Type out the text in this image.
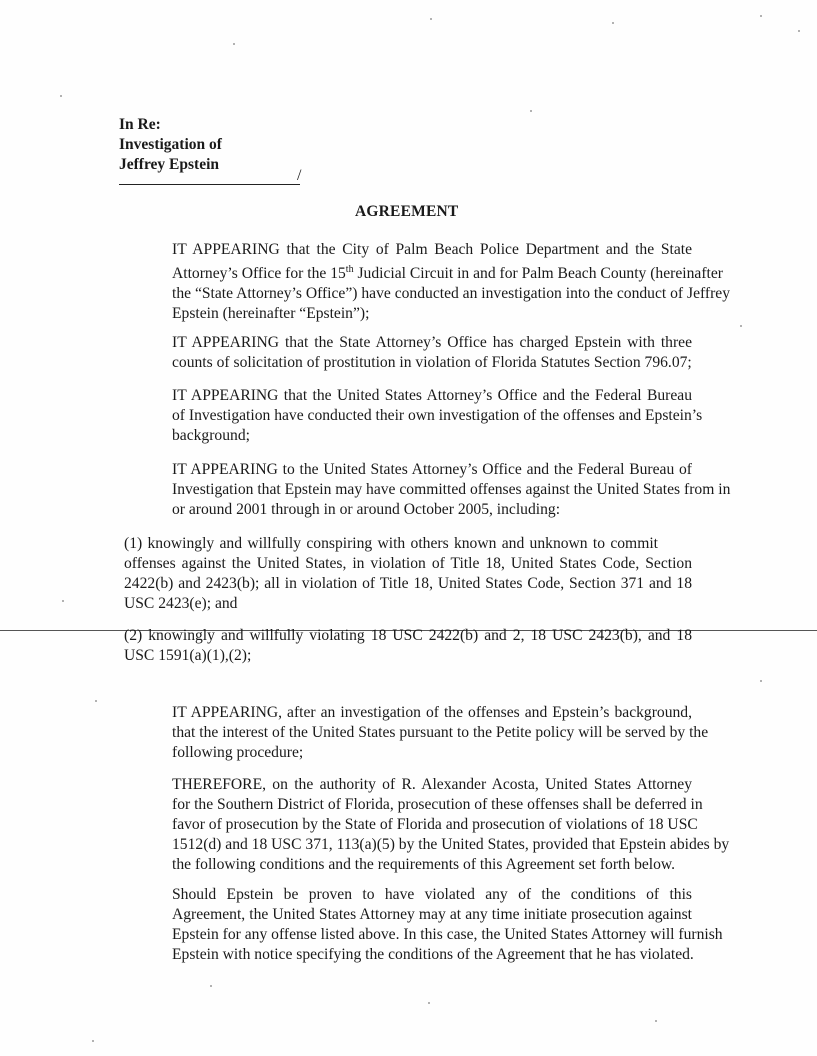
In Re:
Investigation of
Jeffrey Epstein
/
AGREEMENT
IT APPEARING that the City of Palm Beach Police Department and the State
Attorney’s Office for the 15th Judicial Circuit in and for Palm Beach County (hereinafter
the “State Attorney’s Office”) have conducted an investigation into the conduct of Jeffrey
Epstein (hereinafter “Epstein”);
IT APPEARING that the State Attorney’s Office has charged Epstein with three
counts of solicitation of prostitution in violation of Florida Statutes Section 796.07;
IT APPEARING that the United States Attorney’s Office and the Federal Bureau
of Investigation have conducted their own investigation of the offenses and Epstein’s
background;
IT APPEARING to the United States Attorney’s Office and the Federal Bureau of
Investigation that Epstein may have committed offenses against the United States from in
or around 2001 through in or around October 2005, including:
(1) knowingly and willfully conspiring with others known and unknown to commit
offenses against the United States, in violation of Title 18, United States Code, Section
2422(b) and 2423(b); all in violation of Title 18, United States Code, Section 371 and 18
USC 2423(e); and
(2) knowingly and willfully violating 18 USC 2422(b) and 2, 18 USC 2423(b), and 18
USC 1591(a)(1),(2);
IT APPEARING, after an investigation of the offenses and Epstein’s background,
that the interest of the United States pursuant to the Petite policy will be served by the
following procedure;
THEREFORE, on the authority of R. Alexander Acosta, United States Attorney
for the Southern District of Florida, prosecution of these offenses shall be deferred in
favor of prosecution by the State of Florida and prosecution of violations of 18 USC
1512(d) and 18 USC 371, 113(a)(5) by the United States, provided that Epstein abides by
the following conditions and the requirements of this Agreement set forth below.
Should Epstein be proven to have violated any of the conditions of this
Agreement, the United States Attorney may at any time initiate prosecution against
Epstein for any offense listed above. In this case, the United States Attorney will furnish
Epstein with notice specifying the conditions of the Agreement that he has violated.
